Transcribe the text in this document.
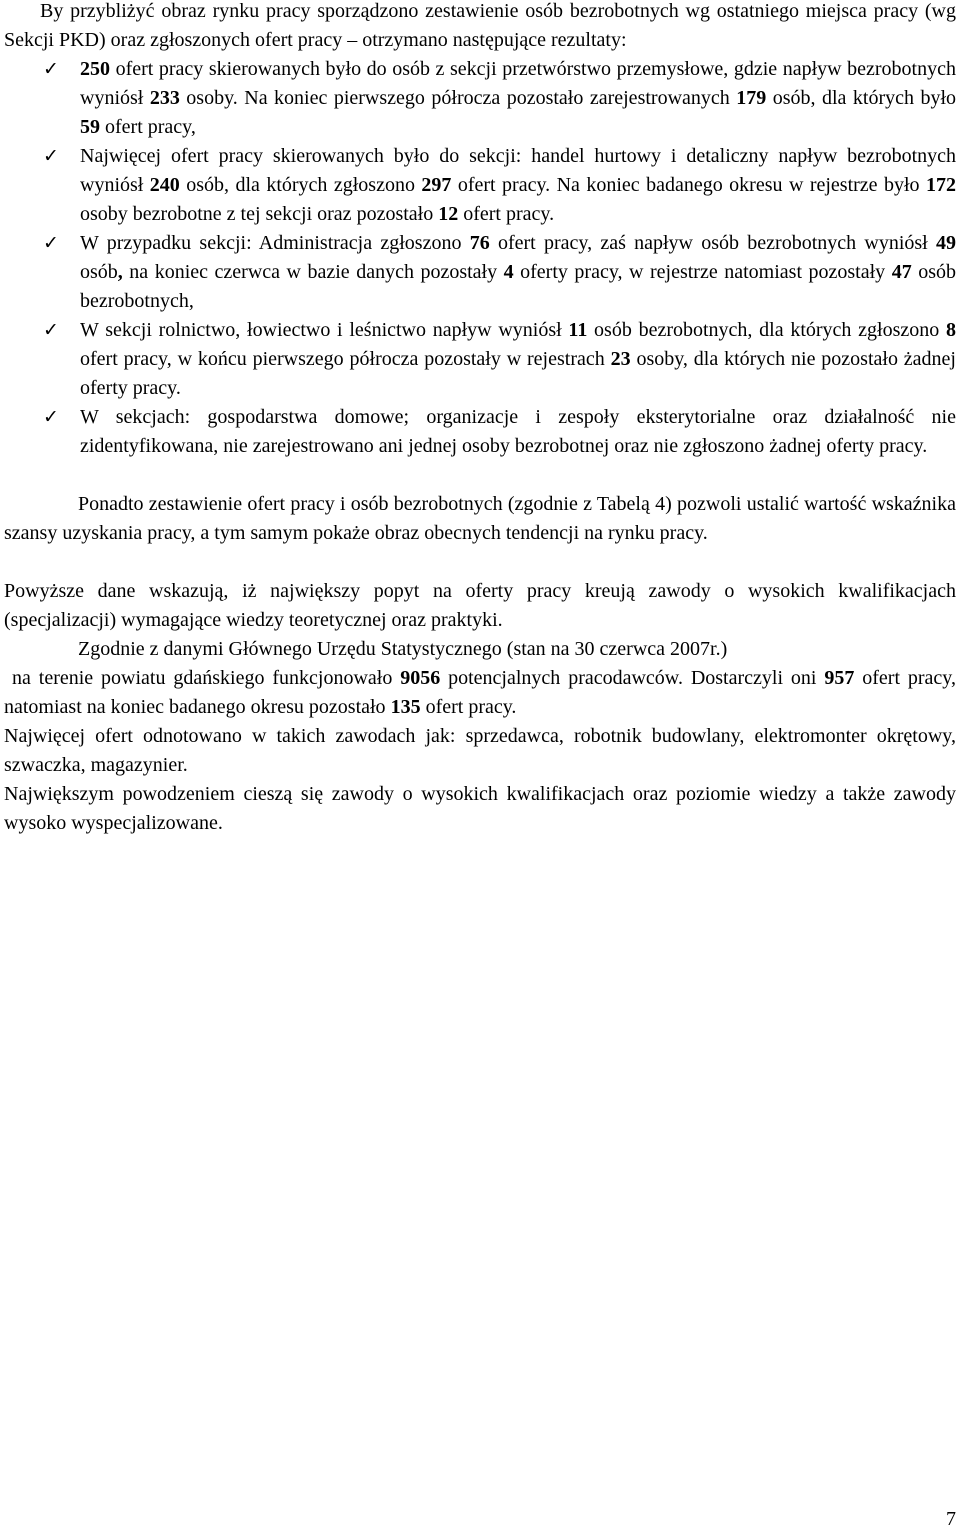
By przybliżyć obraz rynku pracy sporządzono zestawienie osób bezrobotnych wg ostatniego miejsca pracy (wg Sekcji PKD) oraz zgłoszonych ofert pracy – otrzymano następujące rezultaty:

✓ 250 ofert pracy skierowanych było do osób z sekcji przetwórstwo przemysłowe, gdzie napływ bezrobotnych wyniósł 233 osoby. Na koniec pierwszego półrocza pozostało zarejestrowanych 179 osób, dla których było 59 ofert pracy,
✓ Najwięcej ofert pracy skierowanych było do sekcji: handel hurtowy i detaliczny napływ bezrobotnych wyniósł 240 osób, dla których zgłoszono 297 ofert pracy. Na koniec badanego okresu w rejestrze było 172 osoby bezrobotne z tej sekcji oraz pozostało 12 ofert pracy.
✓ W przypadku sekcji: Administracja zgłoszono 76 ofert pracy, zaś napływ osób bezrobotnych wyniósł 49 osób, na koniec czerwca w bazie danych pozostały 4 oferty pracy, w rejestrze natomiast pozostały 47 osób bezrobotnych,
✓ W sekcji rolnictwo, łowiectwo i leśnictwo napływ wyniósł 11 osób bezrobotnych, dla których zgłoszono 8 ofert pracy, w końcu pierwszego półrocza pozostały w rejestrach 23 osoby, dla których nie pozostało żadnej oferty pracy.
✓ W sekcjach: gospodarstwa domowe; organizacje i zespoły eksterytorialne oraz działalność nie zidentyfikowana, nie zarejestrowano ani jednej osoby bezrobotnej oraz nie zgłoszono żadnej oferty pracy.

Ponadto zestawienie ofert pracy i osób bezrobotnych (zgodnie z Tabelą 4) pozwoli ustalić wartość wskaźnika szansy uzyskania pracy, a tym samym pokaże obraz obecnych tendencji na rynku pracy.

Powyższe dane wskazują, iż największy popyt na oferty pracy kreują zawody o wysokich kwalifikacjach (specjalizacji) wymagające wiedzy teoretycznej oraz praktyki.

Zgodnie z danymi Głównego Urzędu Statystycznego (stan na 30 czerwca 2007r.)

na terenie powiatu gdańskiego funkcjonowało 9056 potencjalnych pracodawców. Dostarczyli oni 957 ofert pracy, natomiast na koniec badanego okresu pozostało 135 ofert pracy.

Najwięcej ofert odnotowano w takich zawodach jak: sprzedawca, robotnik budowlany, elektromonter okrętowy, szwaczka, magazynier.

Największym powodzeniem cieszą się zawody o wysokich kwalifikacjach oraz poziomie wiedzy a także zawody wysoko wyspecjalizowane.

7
